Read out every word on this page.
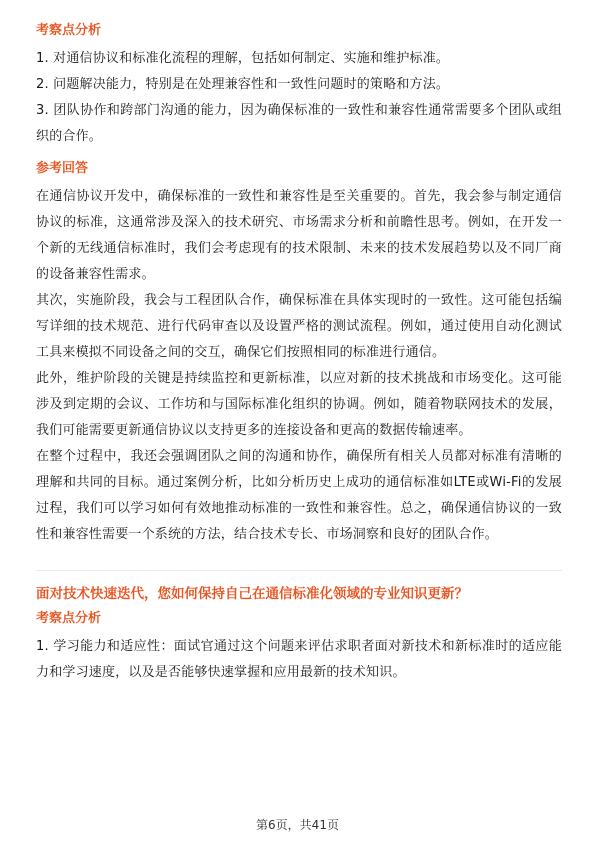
考察点分析

1. 对通信协议和标准化流程的理解，包括如何制定、实施和维护标准。

2. 问题解决能力，特别是在处理兼容性和一致性问题时的策略和方法。

3. 团队协作和跨部门沟通的能力，因为确保标准的一致性和兼容性通常需要多个团队或组织的合作。

参考回答

在通信协议开发中，确保标准的一致性和兼容性是至关重要的。首先，我会参与制定通信协议的标准，这通常涉及深入的技术研究、市场需求分析和前瞻性思考。例如，在开发一个新的无线通信标准时，我们会考虑现有的技术限制、未来的技术发展趋势以及不同厂商的设备兼容性需求。

其次，实施阶段，我会与工程团队合作，确保标准在具体实现时的一致性。这可能包括编写详细的技术规范、进行代码审查以及设置严格的测试流程。例如，通过使用自动化测试工具来模拟不同设备之间的交互，确保它们按照相同的标准进行通信。

此外，维护阶段的关键是持续监控和更新标准，以应对新的技术挑战和市场变化。这可能涉及到定期的会议、工作坊和与国际标准化组织的协调。例如，随着物联网技术的发展，我们可能需要更新通信协议以支持更多的连接设备和更高的数据传输速率。

在整个过程中，我还会强调团队之间的沟通和协作，确保所有相关人员都对标准有清晰的理解和共同的目标。通过案例分析，比如分析历史上成功的通信标准如LTE或Wi-Fi的发展过程，我们可以学习如何有效地推动标准的一致性和兼容性。总之，确保通信协议的一致性和兼容性需要一个系统的方法，结合技术专长、市场洞察和良好的团队合作。

面对技术快速迭代，您如何保持自己在通信标准化领域的专业知识更新？
考察点分析

1. 学习能力和适应性：面试官通过这个问题来评估求职者面对新技术和新标准时的适应能力和学习速度，以及是否能够快速掌握和应用最新的技术知识。

第6页，共41页
